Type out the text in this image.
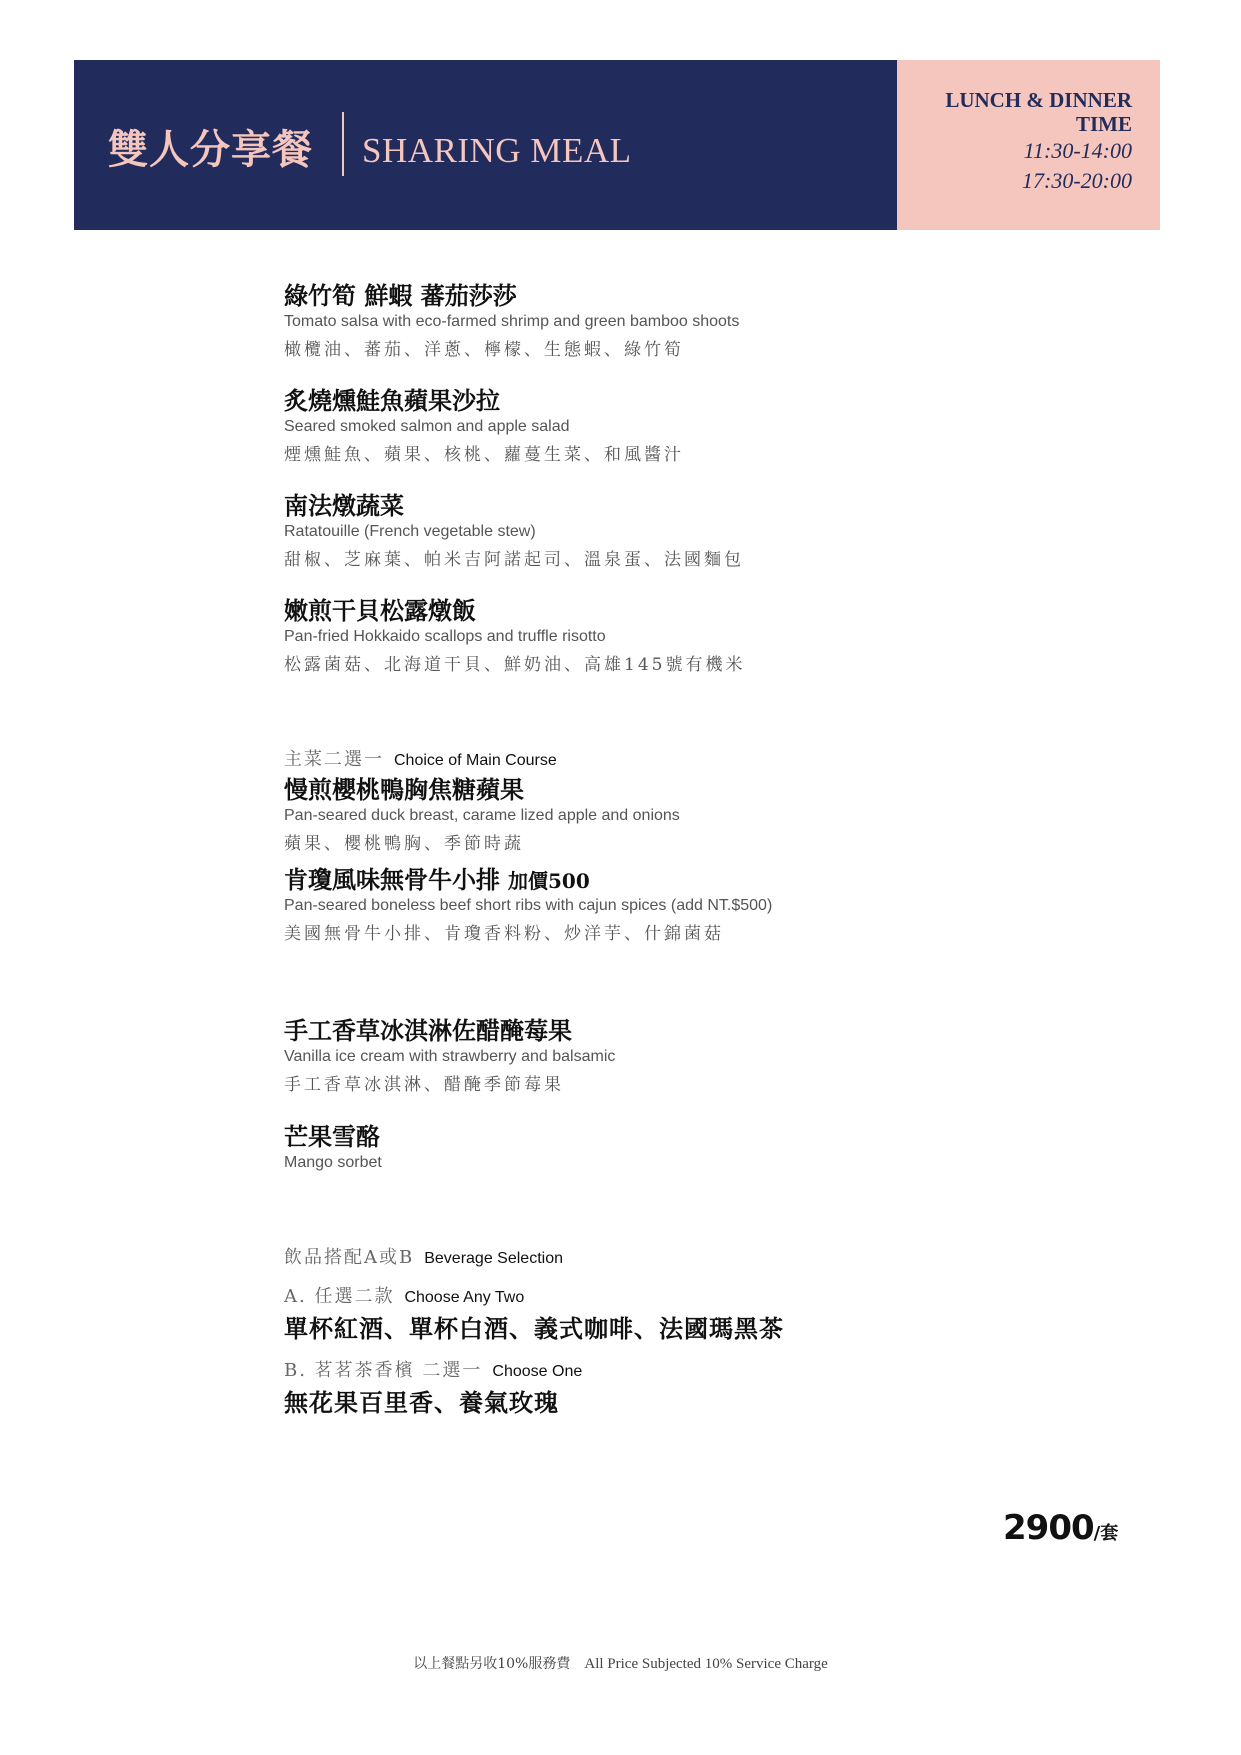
雙人分享餐 SHARING MEAL
LUNCH & DINNER
TIME
11:30-14:00
17:30-20:00
綠竹筍 鮮蝦 蕃茄莎莎
Tomato salsa with eco-farmed shrimp and green bamboo shoots
橄欖油、蕃茄、洋蔥、檸檬、生態蝦、綠竹筍
炙燒燻鮭魚蘋果沙拉
Seared smoked salmon and apple salad
煙燻鮭魚、蘋果、核桃、蘿蔓生菜、和風醬汁
南法燉蔬菜
Ratatouille (French vegetable stew)
甜椒、芝麻葉、帕米吉阿諾起司、溫泉蛋、法國麵包
嫩煎干貝松露燉飯
Pan-fried Hokkaido scallops and truffle risotto
松露菌菇、北海道干貝、鮮奶油、高雄145號有機米
主菜二選一 Choice of Main Course
慢煎櫻桃鴨胸焦糖蘋果
Pan-seared duck breast, carame lized apple and onions
蘋果、櫻桃鴨胸、季節時蔬
肯瓊風味無骨牛小排 加價500
Pan-seared boneless beef short ribs with cajun spices (add NT.$500)
美國無骨牛小排、肯瓊香料粉、炒洋芋、什錦菌菇
手工香草冰淇淋佐醋醃莓果
Vanilla ice cream with strawberry and balsamic
手工香草冰淇淋、醋醃季節莓果
芒果雪酪
Mango sorbet
飲品搭配A或B Beverage Selection
A. 任選二款 Choose Any Two
單杯紅酒、單杯白酒、義式咖啡、法國瑪黑茶
B. 茗茗茶香檳 二選一 Choose One
無花果百里香、養氣玫瑰
2900/套
以上餐點另收10%服務費 All Price Subjected 10% Service Charge
